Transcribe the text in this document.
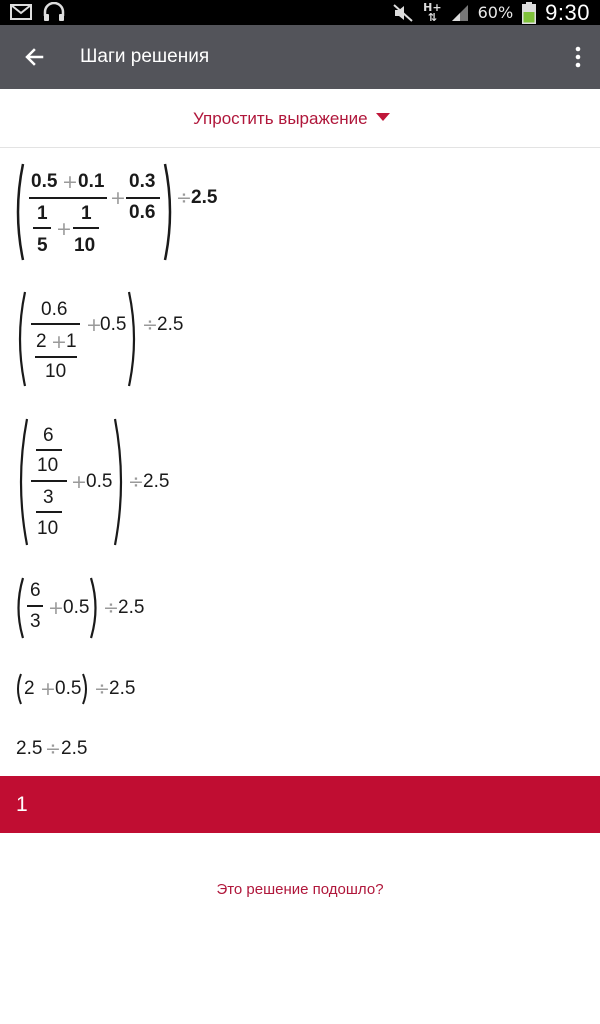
H+
⇅	60% 9:30
Шаги решения
Упростить выражение
0.5 + 0.1
1
5
+
1
10
+
0.3
0.6
÷ 2.5
0.6
2 + 1
10
+
0.5 ÷ 2.5
6
10
3
10
+ 0.5 ÷ 2.5
6
3
+ 0.5 ÷ 2.5
2 + 0.5 ÷ 2.5
2.5 ÷ 2.5
1
Это решение подошло?
